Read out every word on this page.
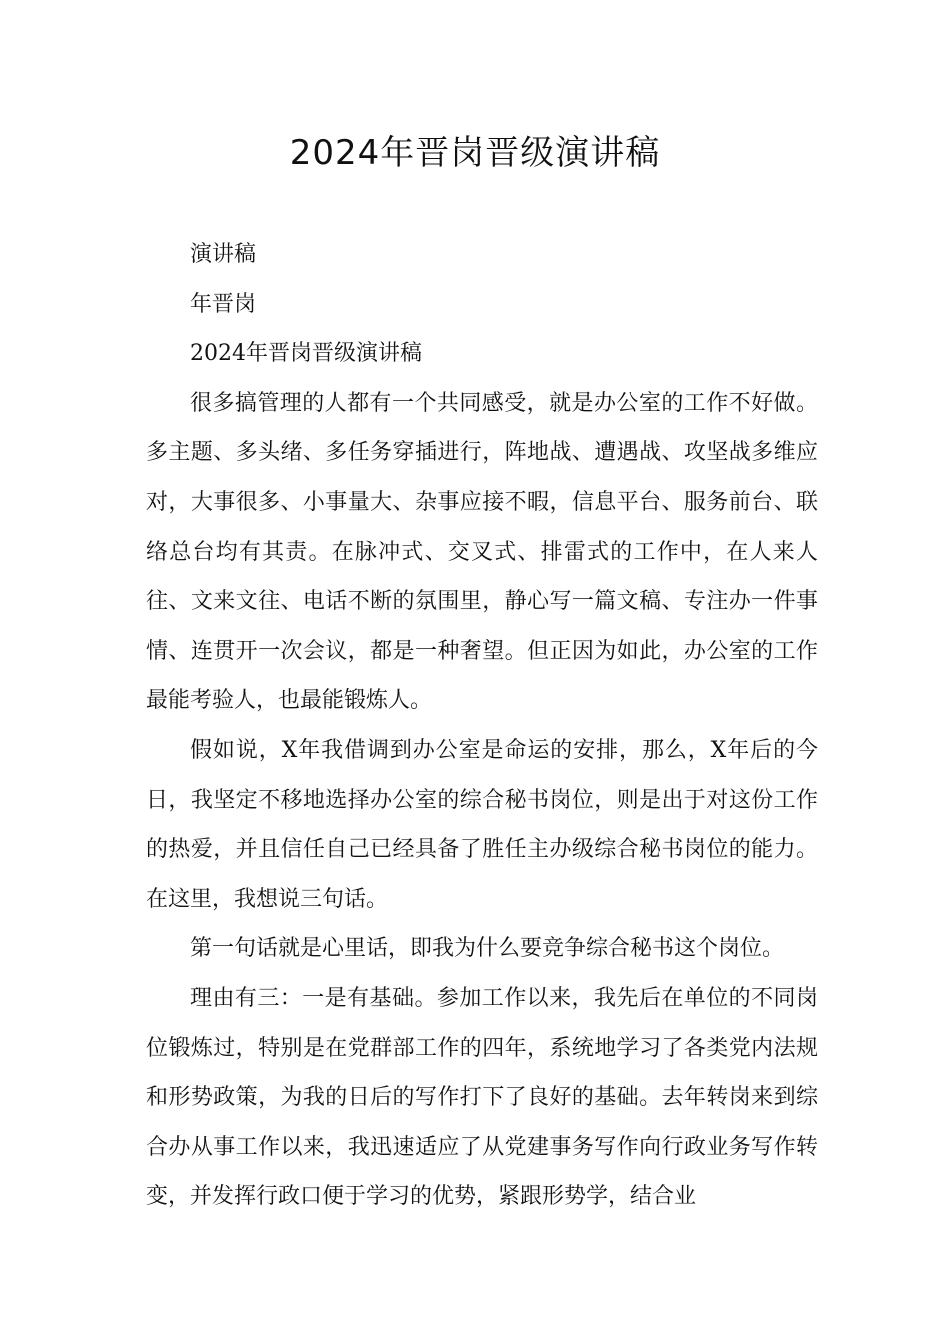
2024年晋岗晋级演讲稿

演讲稿

年晋岗

2024年晋岗晋级演讲稿

很多搞管理的人都有一个共同感受，就是办公室的工作不好做。多主题、多头绪、多任务穿插进行，阵地战、遭遇战、攻坚战多维应对，大事很多、小事量大、杂事应接不暇，信息平台、服务前台、联络总台均有其责。在脉冲式、交叉式、排雷式的工作中，在人来人往、文来文往、电话不断的氛围里，静心写一篇文稿、专注办一件事情、连贯开一次会议，都是一种奢望。但正因为如此，办公室的工作最能考验人，也最能锻炼人。

假如说，X年我借调到办公室是命运的安排，那么，X年后的今日，我坚定不移地选择办公室的综合秘书岗位，则是出于对这份工作的热爱，并且信任自己已经具备了胜任主办级综合秘书岗位的能力。在这里，我想说三句话。

第一句话就是心里话，即我为什么要竞争综合秘书这个岗位。

理由有三：一是有基础。参加工作以来，我先后在单位的不同岗位锻炼过，特别是在党群部工作的四年，系统地学习了各类党内法规和形势政策，为我的日后的写作打下了良好的基础。去年转岗来到综合办从事工作以来，我迅速适应了从党建事务写作向行政业务写作转变，并发挥行政口便于学习的优势，紧跟形势学，结合业
